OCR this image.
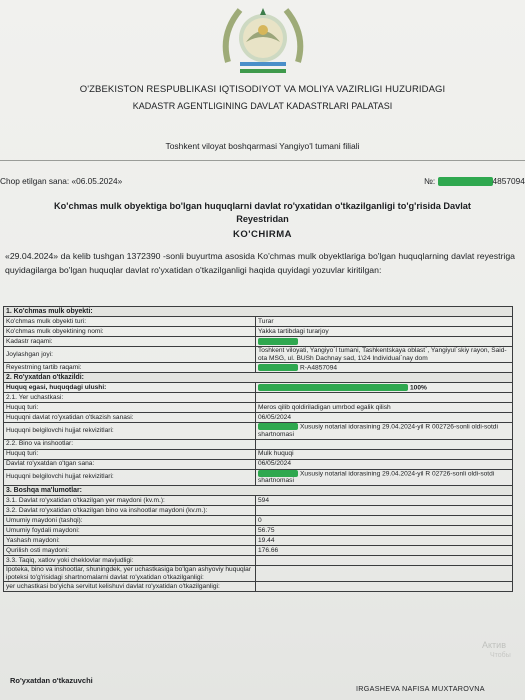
O'ZBEKISTON RESPUBLIKASI IQTISODIYOT VA MOLIYA VAZIRLIGI HUZURIDAGI
KADASTR AGENTLIGINING DAVLAT KADASTRLARI PALATASI
Toshkent viloyat boshqarmasi Yangiyo'l tumani filiali
Chop etilgan sana: «06.05.2024»	№:	4857094
Ko'chmas mulk obyektiga bo'lgan huquqlarni davlat ro'yxatidan o'tkazilganligi to'g'risida Davlat Reyestridan
KO'CHIRMA
«29.04.2024» da kelib tushgan 1372390 -sonli buyurtma asosida Ko'chmas mulk obyektlariga bo'lgan huquqlarning davlat reyestriga quyidagilarga bo'lgan huquqlar davlat ro'yxatidan o'tkazilganligi haqida quyidagi yozuvlar kiritilgan:
1. Ko'chmas mulk obyekti:	
Ko'chmas mulk obyekti turi:	Turar
Ko'chmas mulk obyektining nomi:	Yakka tartibdagi turarjoy
Kadastr raqami:	
Joylashgan joyi:	Toshkent viloyati, Yangiyo`l tumani, Tashkentskaya oblast`, Yangiyul`skiy rayon, Said-ota MSG, ul. BUSh Dachnaу sad, 1\24 Individual`nay dom
Reyestrning tartib raqami:	R-A4857094
2. Ro'yxatdan o'tkazildi:	
Huquq egasi, huquqdagi ulushi:	100%
2.1. Yer uchastkasi:	
Huquq turi:	Meros qilib qoldiriladigan umrbod egalik qilish
Huquqni davlat ro'yxatidan o'tkazish sanasi:	06/05/2024
Huquqni belgilovchi hujjat rekvizitlari:	Xususiy notarial idorasining 29.04.2024-yil R 002726-sonli oldi-sotdi shartnomasi
2.2. Bino va inshootlar:	
Huquq turi:	Mulk huquqi
Davlat ro'yxatdan o'tgan sana:	06/05/2024
Huquqni belgilovchi hujjat rekvizitlari:	Xususiy notarial idorasining 29.04.2024-yil R 02726-sonli oldi-sotdi shartnomasi
3. Boshqa ma'lumotlar:	
3.1. Davlat ro'yxatidan o'tkazilgan yer maydoni (kv.m.):	594
3.2. Davlat ro'yxatidan o'tkazilgan bino va inshootlar maydoni (kv.m.):	
Umumiy maydoni (tashqi):	0
Umumiy foydali maydoni:	56.75
Yashash maydoni:	19.44
Qurilish osti maydoni:	176.66
3.3. Taqiq, xatlov yoki cheklovlar mavjudligi:	
Ipoteka, bino va inshootlar, shuningdek, yer uchastkasiga bo'lgan ashyoviy huquqlar ipoteksi to'g'risidagi shartnomalarni davlat ro'yxatidan o'tkazilganligi:	
yer uchastkasi bo'yicha servitut kelishuvi davlat ro'yxatidan o'tkazilganligi:	
Ro'yxatdan o'tkazuvchi
IRGASHEVA NAFISA MUXTAROVNA
Актив
Чтобы
